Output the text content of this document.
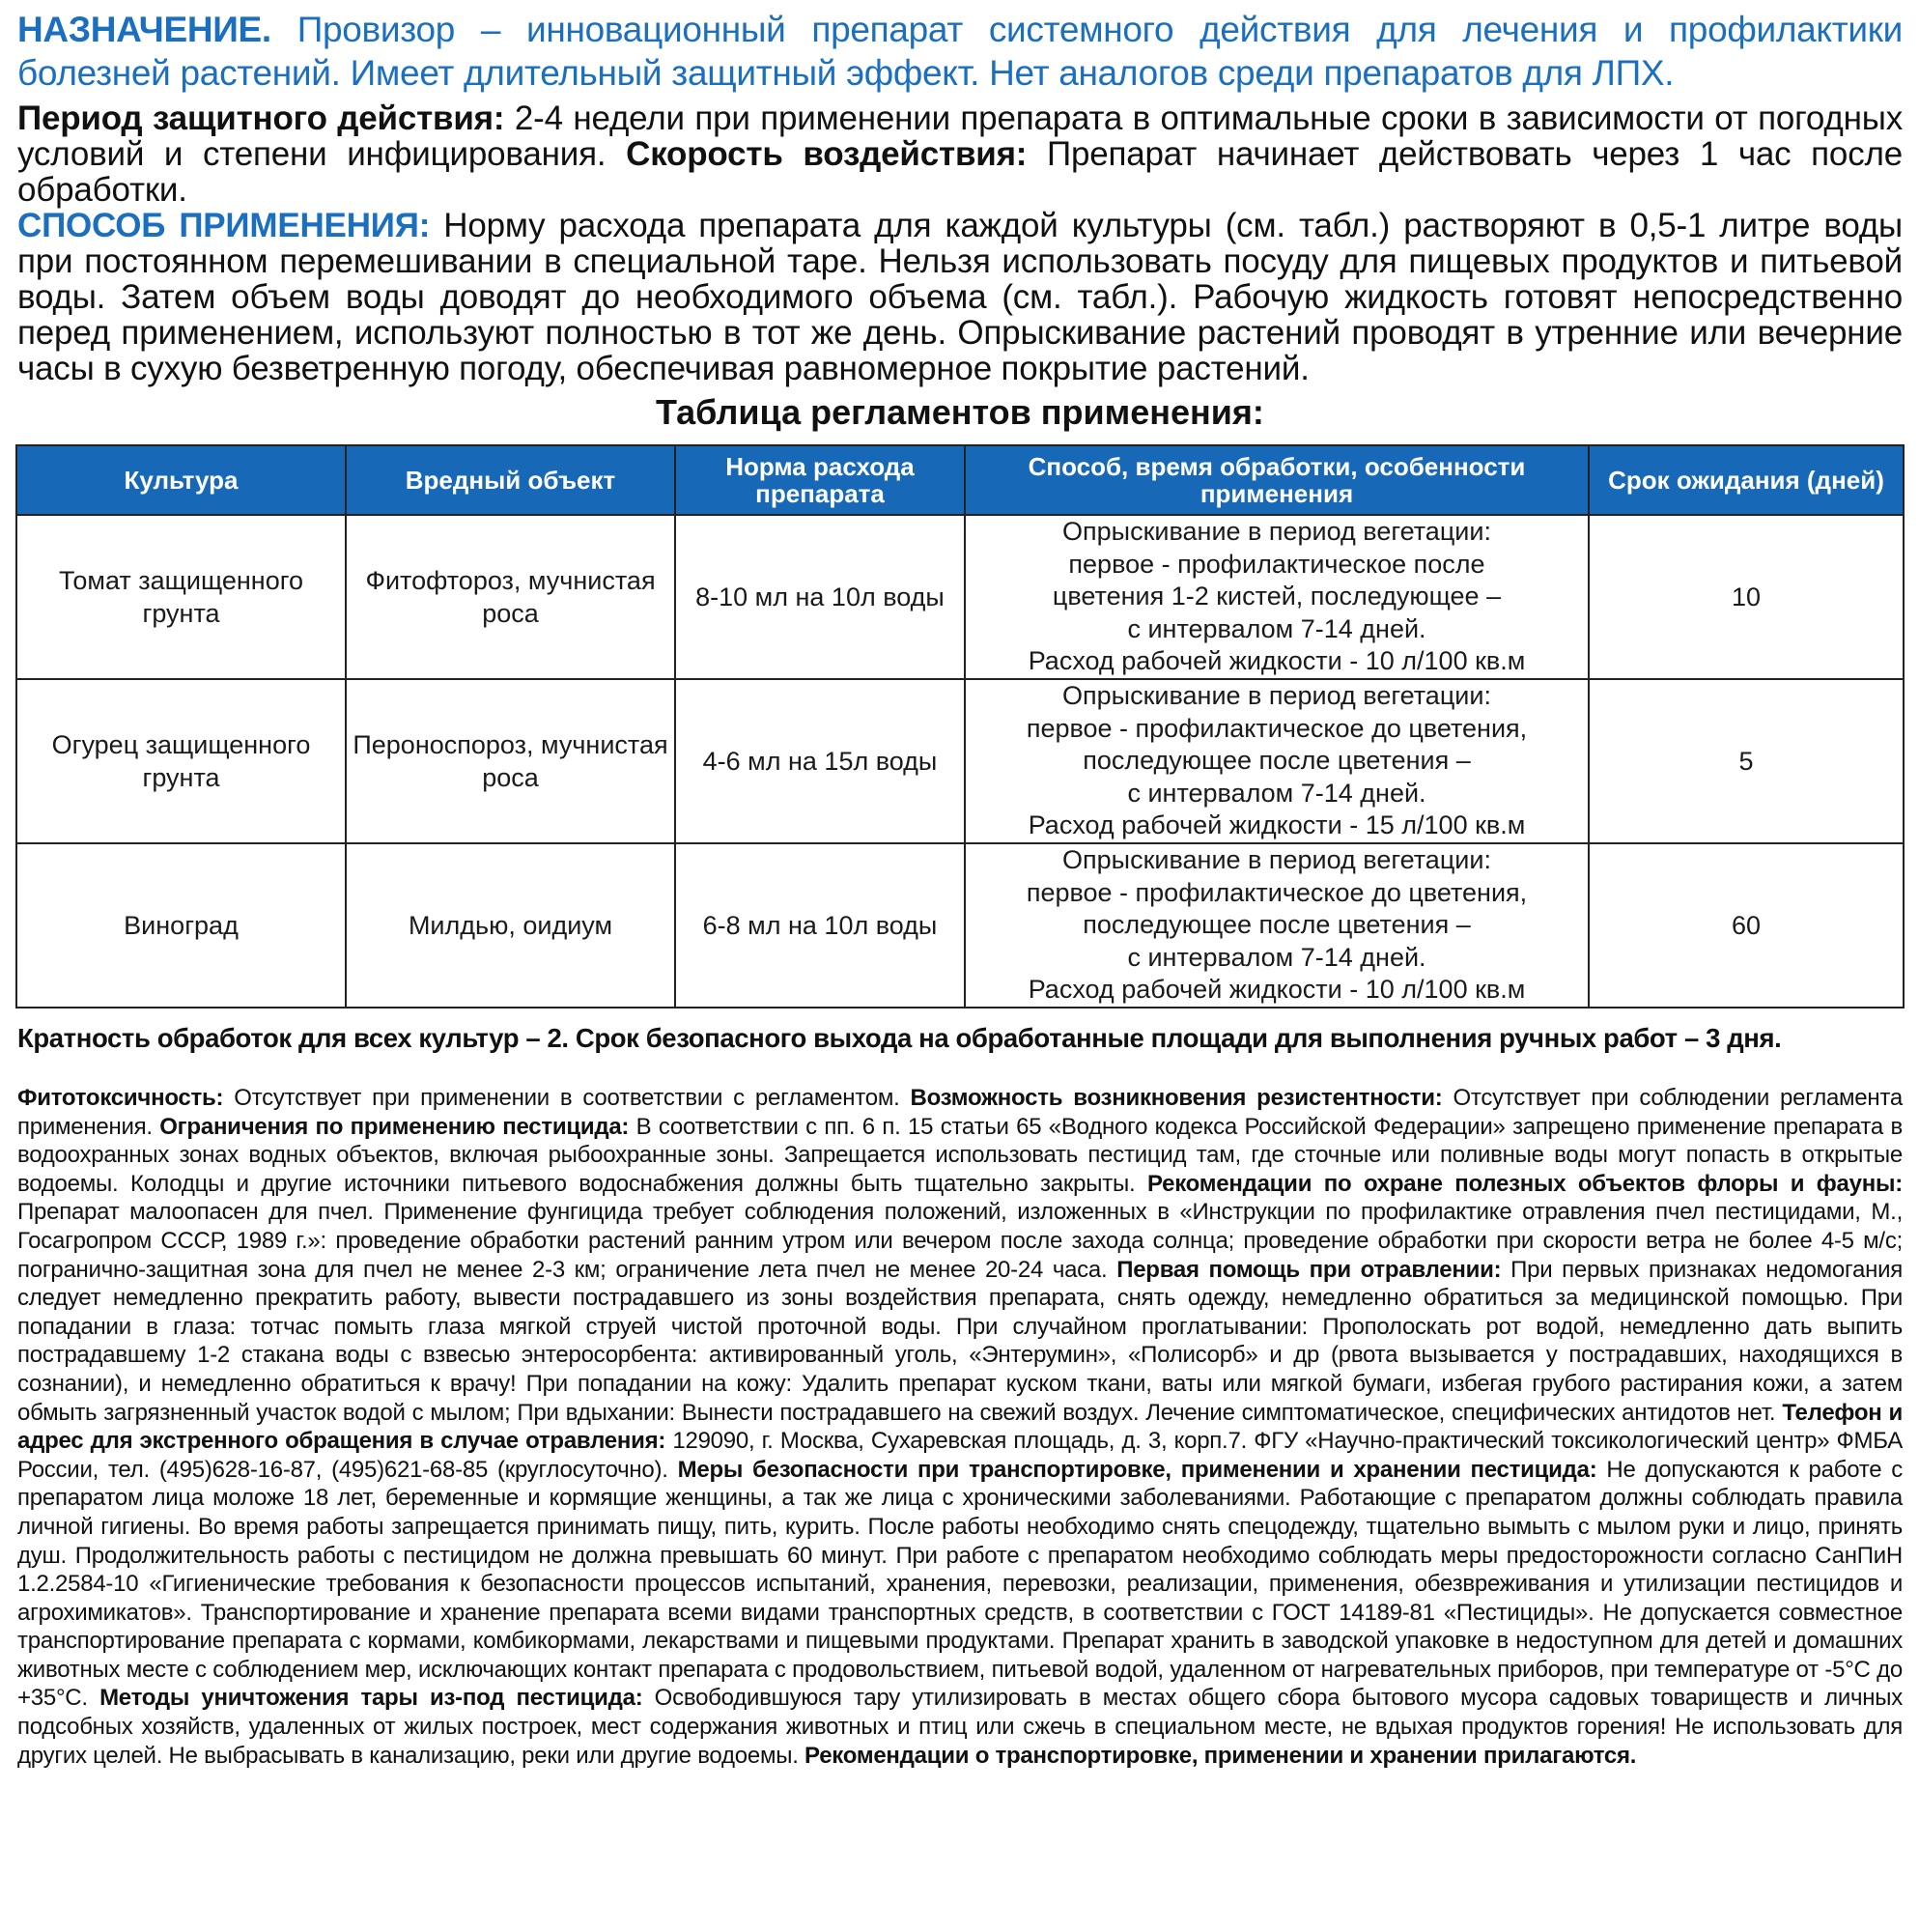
НАЗНАЧЕНИЕ. Провизор – инновационный препарат системного действия для лечения и профилактики болезней растений. Имеет длительный защитный эффект. Нет аналогов среди препаратов для ЛПХ.

Период защитного действия: 2-4 недели при применении препарата в оптимальные сроки в зависимости от погодных условий и степени инфицирования. Скорость воздействия: Препарат начинает действовать через 1 час после обработки.

СПОСОБ ПРИМЕНЕНИЯ: Норму расхода препарата для каждой культуры (см. табл.) растворяют в 0,5-1 литре воды при постоянном перемешивании в специальной таре. Нельзя использовать посуду для пищевых продуктов и питьевой воды. Затем объем воды доводят до необходимого объема (см. табл.). Рабочую жидкость готовят непосредственно перед применением, используют полностью в тот же день. Опрыскивание растений проводят в утренние или вечерние часы в сухую безветренную погоду, обеспечивая равномерное покрытие растений.

Таблица регламентов применения:
Культура	Вредный объект	Норма расхода препарата	Способ, время обработки, особенности применения	Срок ожидания (дней)
Томат защищенного грунта	Фитофтороз, мучнистая роса	8-10 мл на 10л воды	Опрыскивание в период вегетации:
первое - профилактическое после
цветения 1-2 кистей, последующее –
с интервалом 7-14 дней.
Расход рабочей жидкости - 10 л/100 кв.м	10
Огурец защищенного грунта	Пероноспороз, мучнистая роса	4-6 мл на 15л воды	Опрыскивание в период вегетации:
первое - профилактическое до цветения,
последующее после цветения –
с интервалом 7-14 дней.
Расход рабочей жидкости - 15 л/100 кв.м	5
Виноград	Милдью, оидиум	6-8 мл на 10л воды	Опрыскивание в период вегетации:
первое - профилактическое до цветения,
последующее после цветения –
с интервалом 7-14 дней.
Расход рабочей жидкости - 10 л/100 кв.м	60
Кратность обработок для всех культур – 2. Срок безопасного выхода на обработанные площади для выполнения ручных работ – 3 дня.

Фитотоксичность: Отсутствует при применении в соответствии с регламентом. Возможность возникновения резистентности: Отсутствует при соблюдении регламента применения. Ограничения по применению пестицида: В соответствии с пп. 6 п. 15 статьи 65 «Водного кодекса Российской Федерации» запрещено применение препарата в водоохранных зонах водных объектов, включая рыбоохранные зоны. Запрещается использовать пестицид там, где сточные или поливные воды могут попасть в открытые водоемы. Колодцы и другие источники питьевого водоснабжения должны быть тщательно закрыты. Рекомендации по охране полезных объектов флоры и фауны: Препарат малоопасен для пчел. Применение фунгицида требует соблюдения положений, изложенных в «Инструкции по профилактике отравления пчел пестицидами, М., Госагропром СССР, 1989 г.»: проведение обработки растений ранним утром или вечером после захода солнца; проведение обработки при скорости ветра не более 4-5 м/с; погранично-защитная зона для пчел не менее 2-3 км; ограничение лета пчел не менее 20-24 часа. Первая помощь при отравлении: При первых признаках недомогания следует немедленно прекратить работу, вывести пострадавшего из зоны воздействия препарата, снять одежду, немедленно обратиться за медицинской помощью. При попадании в глаза: тотчас помыть глаза мягкой струей чистой проточной воды. При случайном проглатывании: Прополоскать рот водой, немедленно дать выпить пострадавшему 1-2 стакана воды с взвесью энтеросорбента: активированный уголь, «Энтерумин», «Полисорб» и др (рвота вызывается у пострадавших, находящихся в сознании), и немедленно обратиться к врачу! При попадании на кожу: Удалить препарат куском ткани, ваты или мягкой бумаги, избегая грубого растирания кожи, а затем обмыть загрязненный участок водой с мылом; При вдыхании: Вынести пострадавшего на свежий воздух. Лечение симптоматическое, специфических антидотов нет. Телефон и адрес для экстренного обращения в случае отравления: 129090, г. Москва, Сухаревская площадь, д. 3, корп.7. ФГУ «Научно-практический токсикологический центр» ФМБА России, тел. (495)628-16-87, (495)621-68-85 (круглосуточно). Меры безопасности при транспортировке, применении и хранении пестицида: Не допускаются к работе с препаратом лица моложе 18 лет, беременные и кормящие женщины, а так же лица с хроническими заболеваниями. Работающие с препаратом должны соблюдать правила личной гигиены. Во время работы запрещается принимать пищу, пить, курить. После работы необходимо снять спецодежду, тщательно вымыть с мылом руки и лицо, принять душ. Продолжительность работы с пестицидом не должна превышать 60 минут. При работе с препаратом необходимо соблюдать меры предосторожности согласно СанПиН 1.2.2584-10 «Гигиенические требования к безопасности процессов испытаний, хранения, перевозки, реализации, применения, обезвреживания и утилизации пестицидов и агрохимикатов». Транспортирование и хранение препарата всеми видами транспортных средств, в соответствии с ГОСТ 14189-81 «Пестициды». Не допускается совместное транспортирование препарата с кормами, комбикормами, лекарствами и пищевыми продуктами. Препарат хранить в заводской упаковке в недоступном для детей и домашних животных месте с соблюдением мер, исключающих контакт препарата с продовольствием, питьевой водой, удаленном от нагревательных приборов, при температуре от -5°С до +35°С. Методы уничтожения тары из-под пестицида: Освободившуюся тару утилизировать в местах общего сбора бытового мусора садовых товариществ и личных подсобных хозяйств, удаленных от жилых построек, мест содержания животных и птиц или сжечь в специальном месте, не вдыхая продуктов горения! Не использовать для других целей. Не выбрасывать в канализацию, реки или другие водоемы. Рекомендации о транспортировке, применении и хранении прилагаются.
